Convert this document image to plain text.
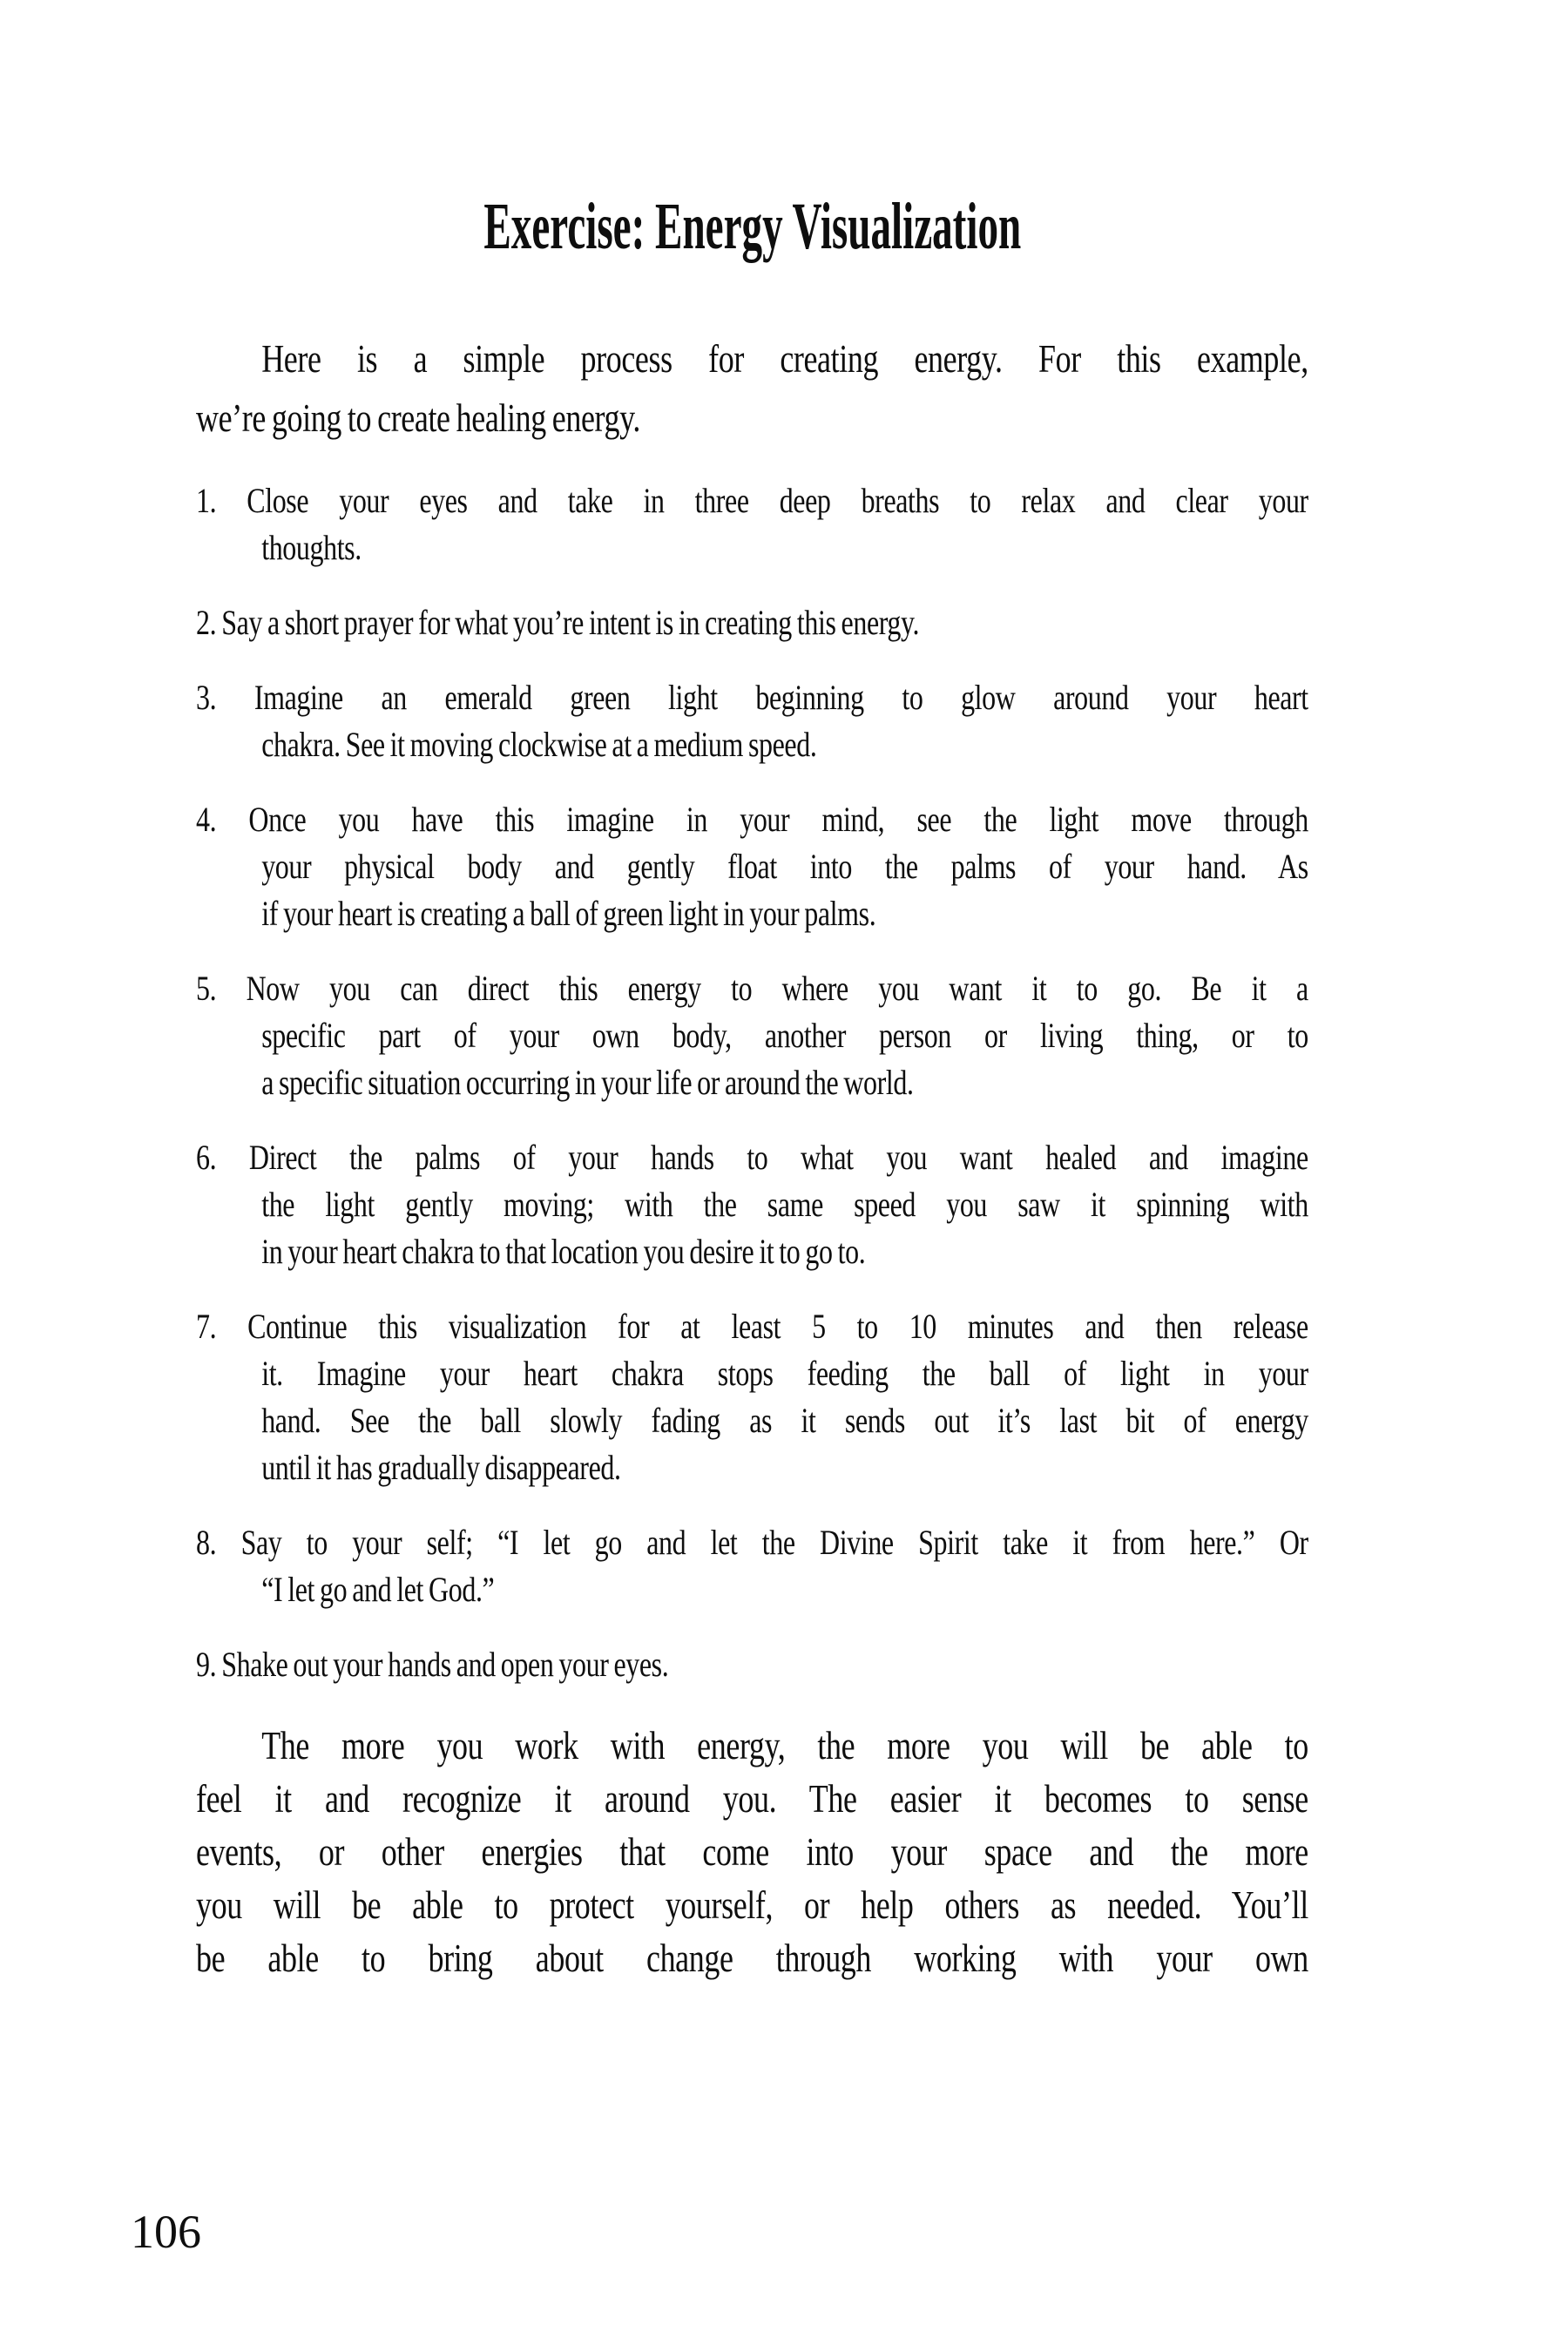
Exercise: Energy Visualization
Here is a simple process for creating energy. For this example,
we’re going to create healing energy.
1. Close your eyes and take in three deep breaths to relax and clear your
thoughts.
2. Say a short prayer for what you’re intent is in creating this energy.
3. Imagine an emerald green light beginning to glow around your heart
chakra. See it moving clockwise at a medium speed.
4. Once you have this imagine in your mind, see the light move through
your physical body and gently float into the palms of your hand. As
if your heart is creating a ball of green light in your palms.
5. Now you can direct this energy to where you want it to go. Be it a
specific part of your own body, another person or living thing, or to
a specific situation occurring in your life or around the world.
6. Direct the palms of your hands to what you want healed and imagine
the light gently moving; with the same speed you saw it spinning with
in your heart chakra to that location you desire it to go to.
7. Continue this visualization for at least 5 to 10 minutes and then release
it. Imagine your heart chakra stops feeding the ball of light in your
hand. See the ball slowly fading as it sends out it’s last bit of energy
until it has gradually disappeared.
8. Say to your self; “I let go and let the Divine Spirit take it from here.” Or
“I let go and let God.”
9. Shake out your hands and open your eyes.
The more you work with energy, the more you will be able to
feel it and recognize it around you. The easier it becomes to sense
events, or other energies that come into your space and the more
you will be able to protect yourself, or help others as needed. You’ll
be able to bring about change through working with your own
106
